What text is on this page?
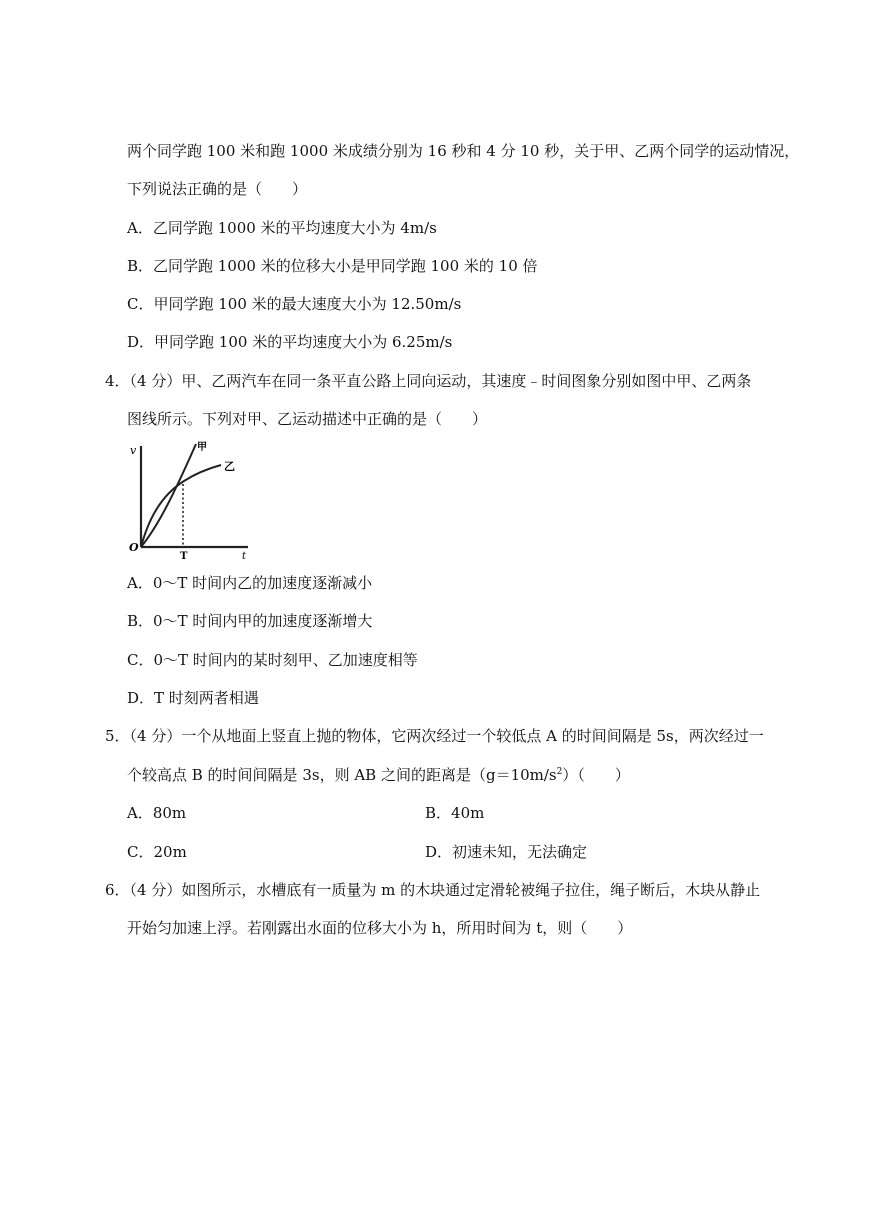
两个同学跑 100 米和跑 1000 米成绩分别为 16 秒和 4 分 10 秒，关于甲、乙两个同学的运动情况，
下列说法正确的是（　　）
A．乙同学跑 1000 米的平均速度大小为 4m/s
B．乙同学跑 1000 米的位移大小是甲同学跑 100 米的 10 倍
C．甲同学跑 100 米的最大速度大小为 12.50m/s
D．甲同学跑 100 米的平均速度大小为 6.25m/s
4．（4 分）甲、乙两汽车在同一条平直公路上同向运动，其速度﹣时间图象分别如图中甲、乙两条
图线所示。下列对甲、乙运动描述中正确的是（　　）
v
O
t
T
甲
乙
A．0～T 时间内乙的加速度逐渐减小
B．0～T 时间内甲的加速度逐渐增大
C．0～T 时间内的某时刻甲、乙加速度相等
D．T 时刻两者相遇
5．（4 分）一个从地面上竖直上抛的物体，它两次经过一个较低点 A 的时间间隔是 5s，两次经过一
个较高点 B 的时间间隔是 3s，则 AB 之间的距离是$(g=10m/s^2)$（　　）
A．80m	B．40m
C．20m	D．初速未知，无法确定
6．（4 分）如图所示，水槽底有一质量为 m 的木块通过定滑轮被绳子拉住，绳子断后，木块从静止
开始匀加速上浮。若刚露出水面的位移大小为 h，所用时间为 t，则（　　）
